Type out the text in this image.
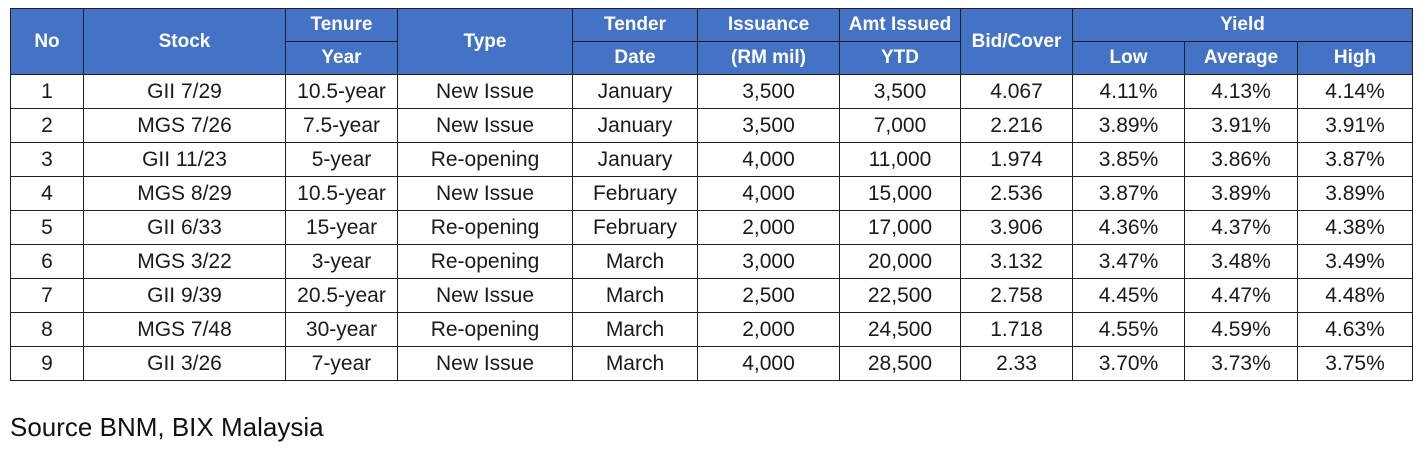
No	Stock	Tenure	Type	Tender	Issuance	Amt Issued	Bid/Cover	Yield		
		Year		Date	(RM mil)	YTD		Low	Average	High
1	GII 7/29	10.5-year	New Issue	January	3,500	3,500	4.067	4.11%	4.13%	4.14%
2	MGS 7/26	7.5-year	New Issue	January	3,500	7,000	2.216	3.89%	3.91%	3.91%
3	GII 11/23	5-year	Re-opening	January	4,000	11,000	1.974	3.85%	3.86%	3.87%
4	MGS 8/29	10.5-year	New Issue	February	4,000	15,000	2.536	3.87%	3.89%	3.89%
5	GII 6/33	15-year	Re-opening	February	2,000	17,000	3.906	4.36%	4.37%	4.38%
6	MGS 3/22	3-year	Re-opening	March	3,000	20,000	3.132	3.47%	3.48%	3.49%
7	GII 9/39	20.5-year	New Issue	March	2,500	22,500	2.758	4.45%	4.47%	4.48%
8	MGS 7/48	30-year	Re-opening	March	2,000	24,500	1.718	4.55%	4.59%	4.63%
9	GII 3/26	7-year	New Issue	March	4,000	28,500	2.33	3.70%	3.73%	3.75%
Source BNM, BIX Malaysia
